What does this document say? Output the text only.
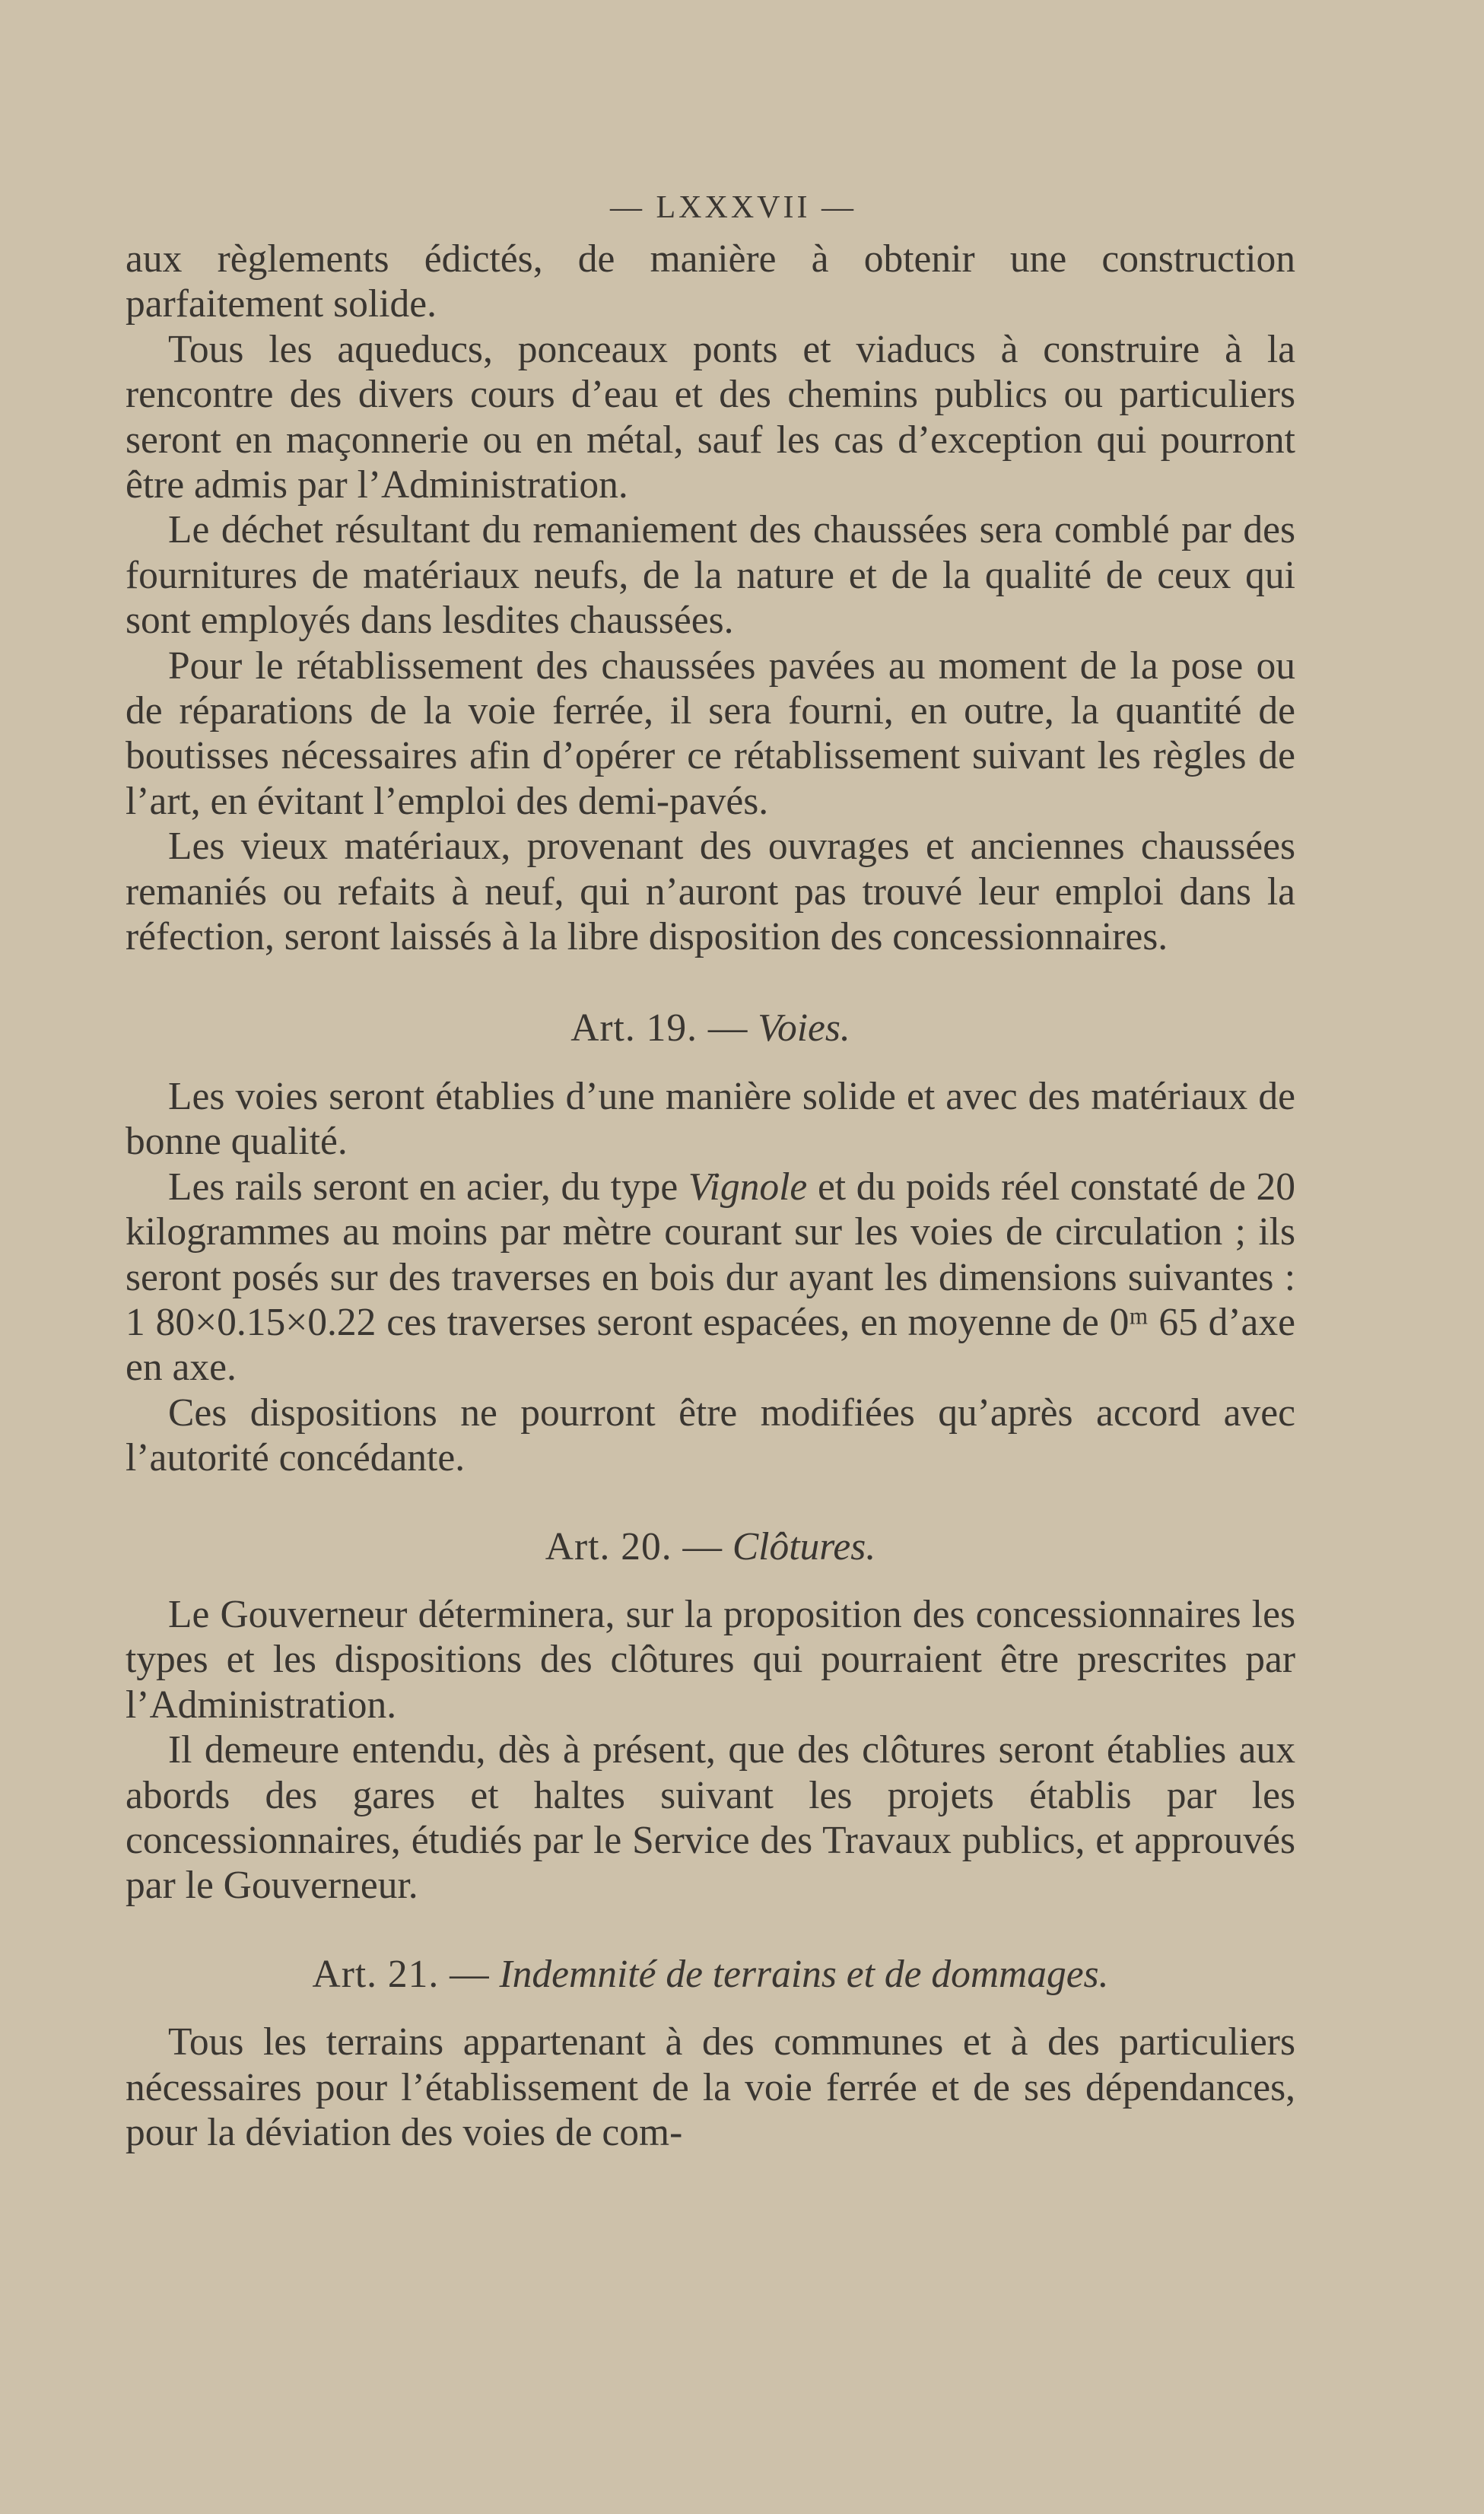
— LXXXVII —

aux règlements édictés, de manière à obtenir une construction parfaitement solide.

Tous les aqueducs, ponceaux ponts et viaducs à construire à la rencontre des divers cours d’eau et des chemins publics ou particuliers seront en maçonnerie ou en métal, sauf les cas d’exception qui pourront être admis par l’Administration.

Le déchet résultant du remaniement des chaussées sera comblé par des fournitures de matériaux neufs, de la nature et de la qualité de ceux qui sont employés dans lesdites chaussées.

Pour le rétablissement des chaussées pavées au moment de la pose ou de réparations de la voie ferrée, il sera fourni, en outre, la quantité de boutisses nécessaires afin d’opérer ce rétablissement suivant les règles de l’art, en évitant l’emploi des demi-pavés.

Les vieux matériaux, provenant des ouvrages et anciennes chaussées remaniés ou refaits à neuf, qui n’auront pas trouvé leur emploi dans la réfection, seront laissés à la libre disposition des concessionnaires.

Art. 19. — Voies.

Les voies seront établies d’une manière solide et avec des matériaux de bonne qualité.

Les rails seront en acier, du type Vignole et du poids réel constaté de 20 kilogrammes au moins par mètre courant sur les voies de circulation ; ils seront posés sur des traverses en bois dur ayant les dimensions suivantes : 1 80×0.15×0.22 ces traverses seront espacées, en moyenne de 0ᵐ 65 d’axe en axe.

Ces dispositions ne pourront être modifiées qu’après accord avec l’autorité concédante.

Art. 20. — Clôtures.

Le Gouverneur déterminera, sur la proposition des concessionnaires les types et les dispositions des clôtures qui pourraient être prescrites par l’Administration.

Il demeure entendu, dès à présent, que des clôtures seront établies aux abords des gares et haltes suivant les projets établis par les concessionnaires, étudiés par le Service des Travaux publics, et approuvés par le Gouverneur.

Art. 21. — Indemnité de terrains et de dommages.

Tous les terrains appartenant à des communes et à des particuliers nécessaires pour l’établissement de la voie ferrée et de ses dépendances, pour la déviation des voies de com-
